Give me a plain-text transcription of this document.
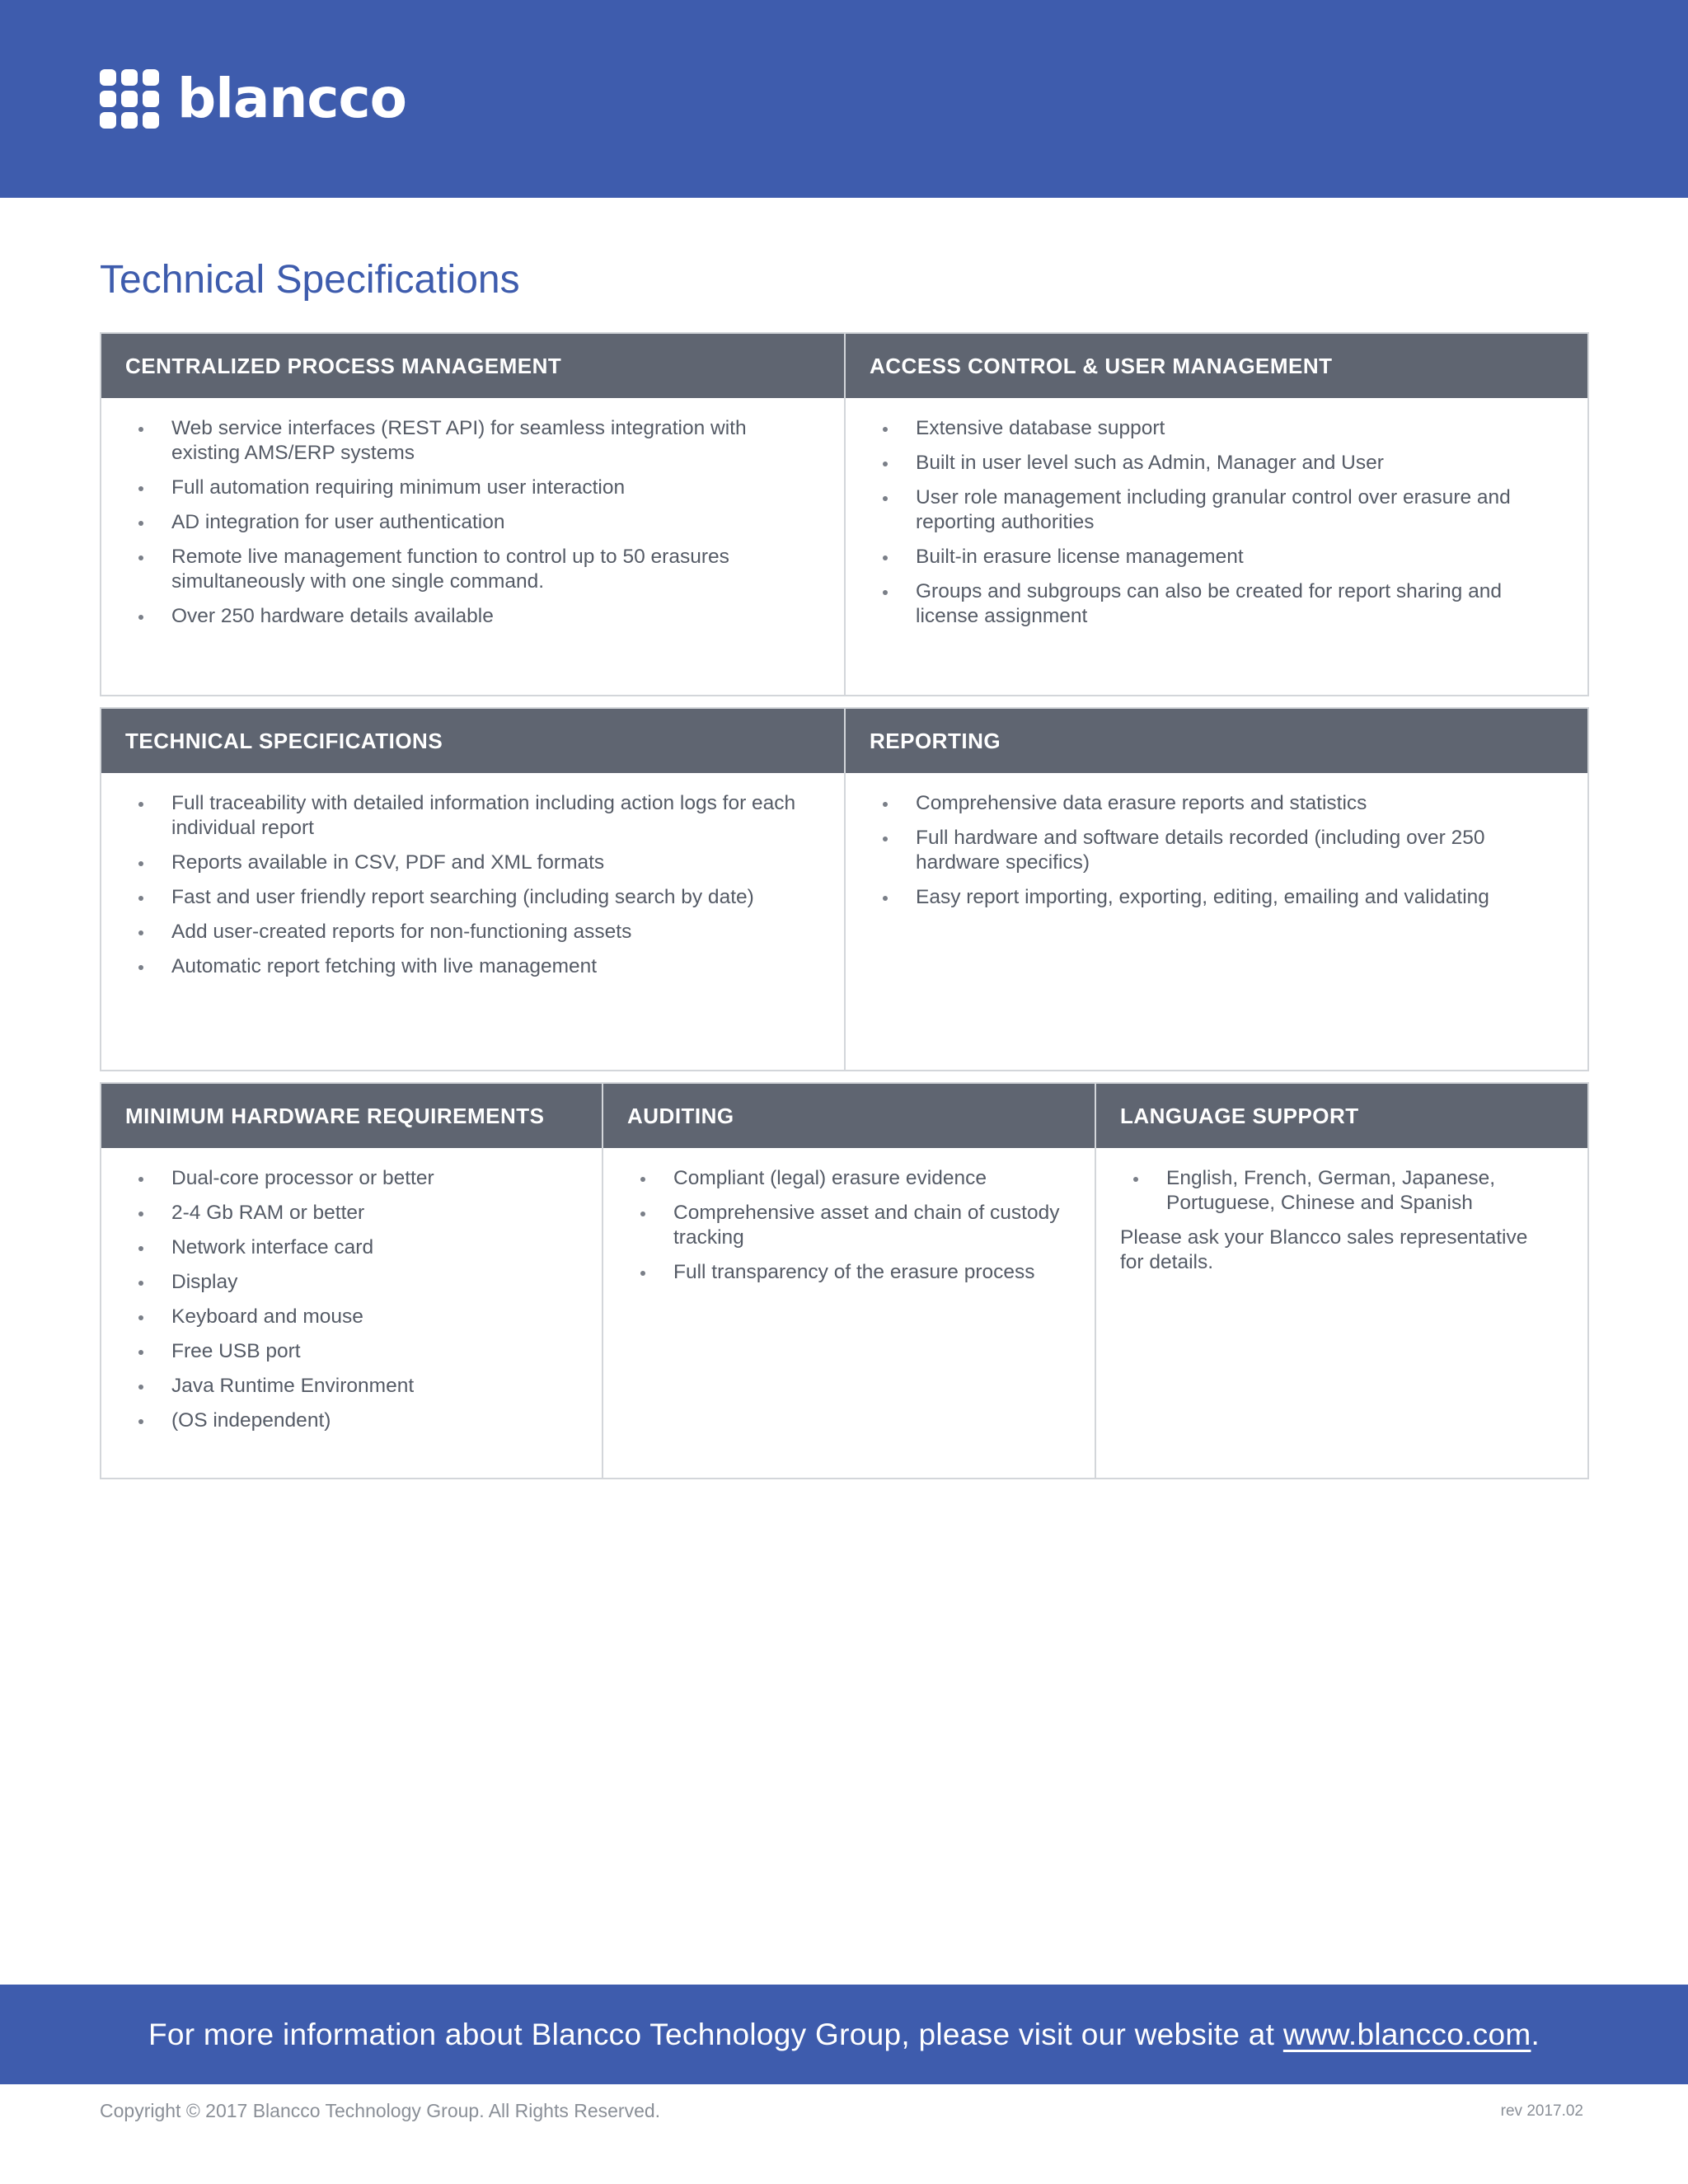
blancco
Technical Specifications
CENTRALIZED PROCESS MANAGEMENT
Web service interfaces (REST API) for seamless integration with existing AMS/ERP systems
Full automation requiring minimum user interaction
AD integration for user authentication
Remote live management function to control up to 50 erasures simultaneously with one single command.
Over 250 hardware details available
ACCESS CONTROL & USER MANAGEMENT
Extensive database support
Built in user level such as Admin, Manager and User
User role management including granular control over erasure and reporting authorities
Built-in erasure license management
Groups and subgroups can also be created for report sharing and license assignment
TECHNICAL SPECIFICATIONS
Full traceability with detailed information including action logs for each individual report
Reports available in CSV, PDF and XML formats
Fast and user friendly report searching (including search by date)
Add user-created reports for non-functioning assets
Automatic report fetching with live management
REPORTING
Comprehensive data erasure reports and statistics
Full hardware and software details recorded (including over 250 hardware specifics)
Easy report importing, exporting, editing, emailing and validating
MINIMUM HARDWARE REQUIREMENTS
Dual-core processor or better
2-4 Gb RAM or better
Network interface card
Display
Keyboard and mouse
Free USB port
Java Runtime Environment
(OS independent)
AUDITING
Compliant (legal) erasure evidence
Comprehensive asset and chain of custody tracking
Full transparency of the erasure process
LANGUAGE SUPPORT
English, French, German, Japanese, Portuguese, Chinese and Spanish

Please ask your Blancco sales representative for details.

For more information about Blancco Technology Group, please visit our website at www.blancco.com .
Copyright © 2017 Blancco Technology Group. All Rights Reserved.	rev 2017.02
